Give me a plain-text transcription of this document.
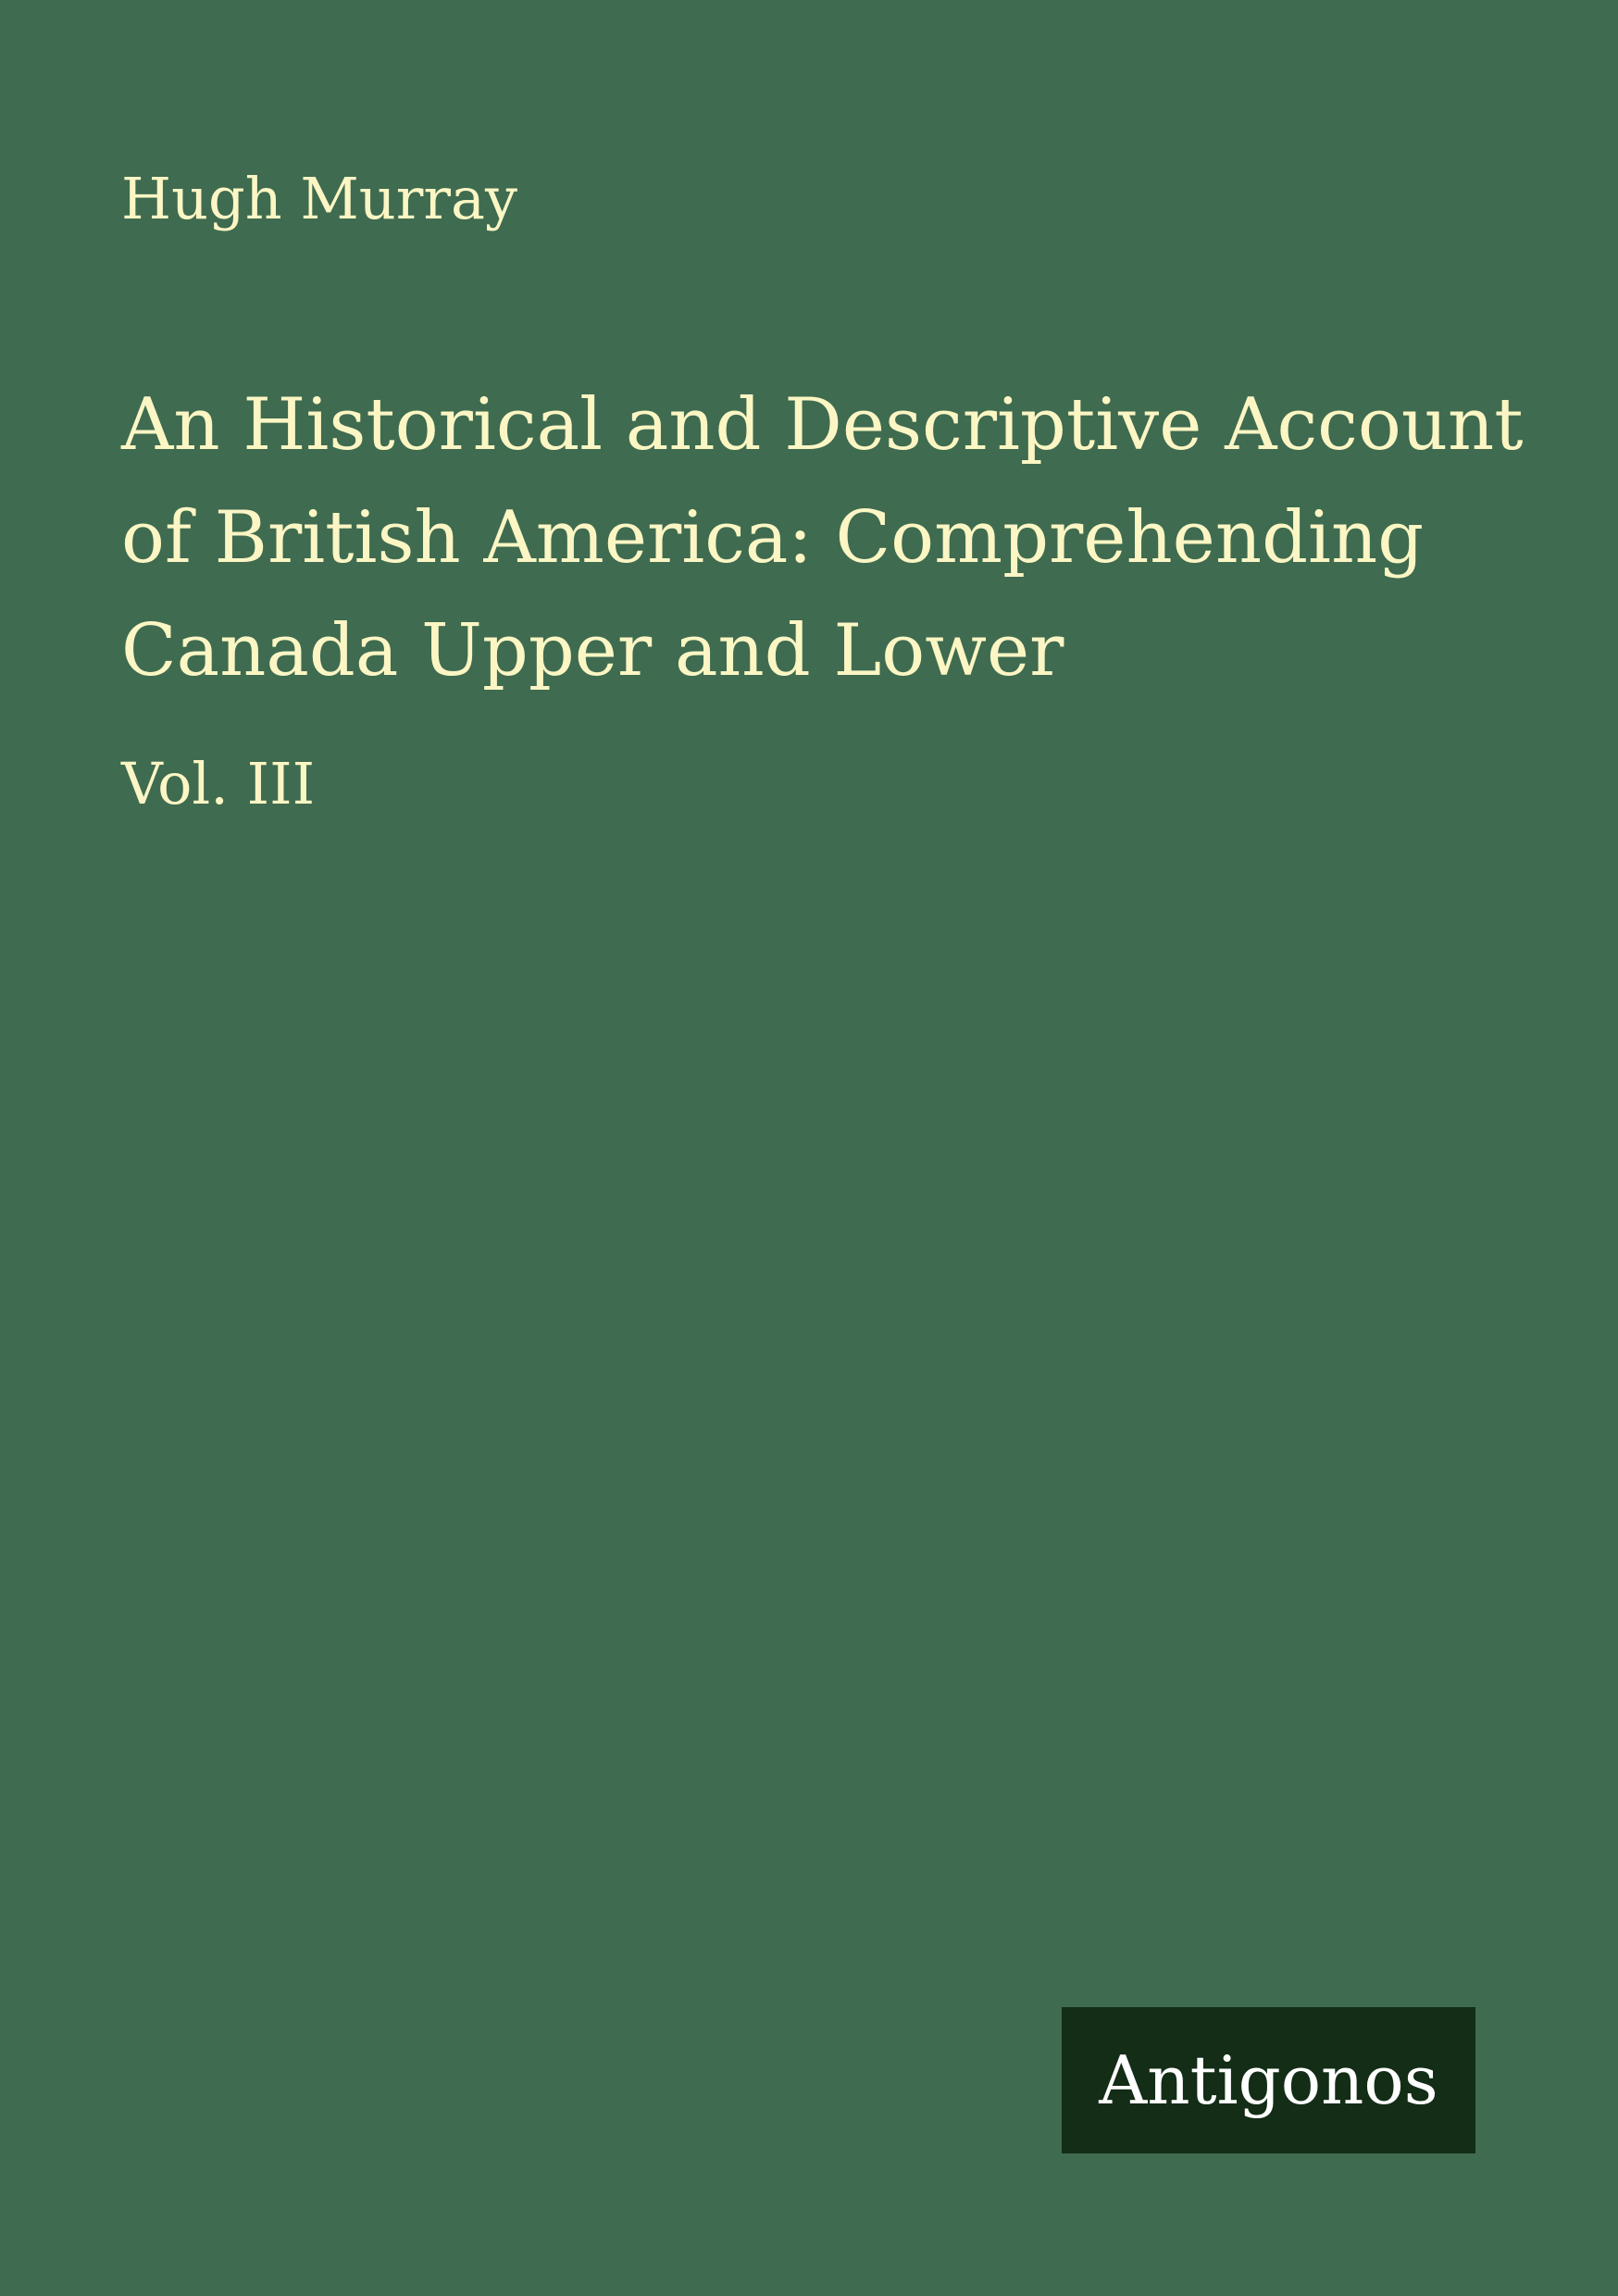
Hugh Murray

An Historical and Descriptive Account
of British America: Comprehending
Canada Upper and Lower

Vol. III

Antigonos
